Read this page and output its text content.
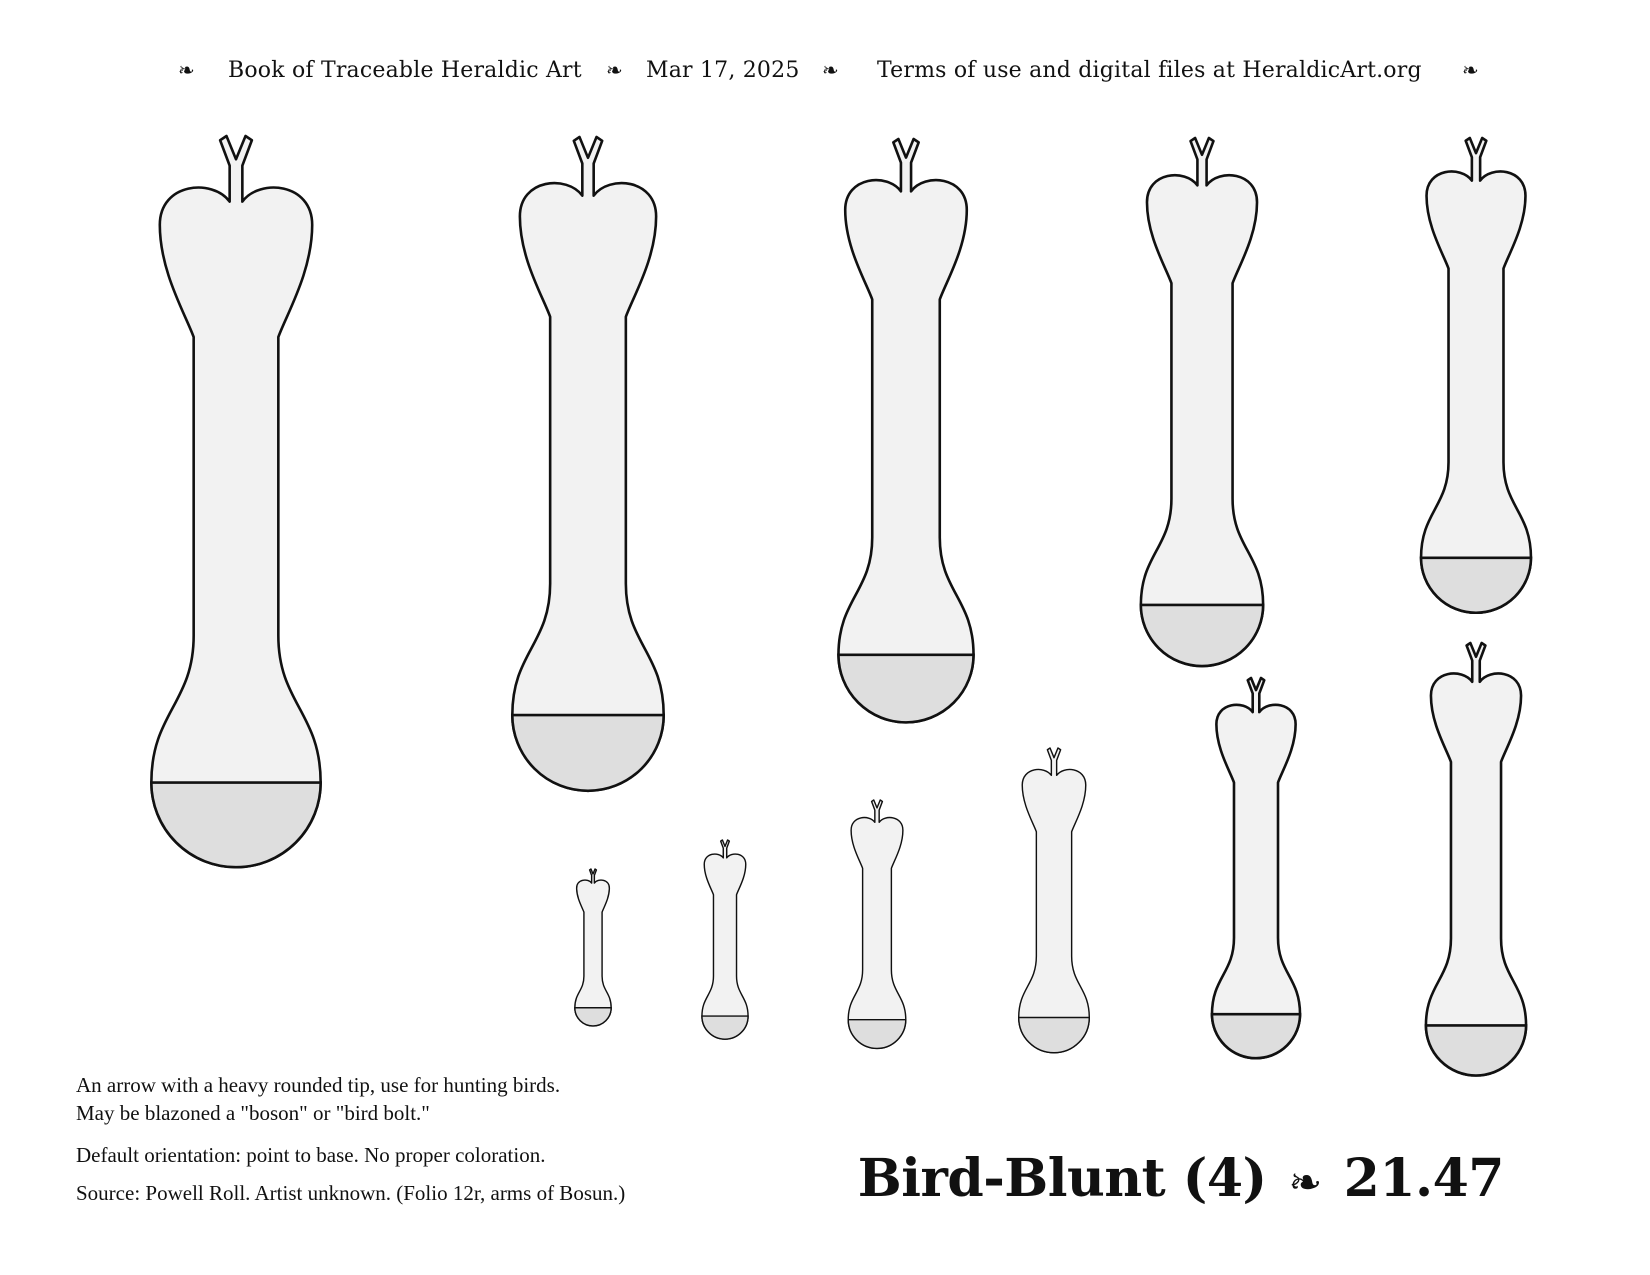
❧ Book of Traceable Heraldic Art ❧ Mar 17, 2025 ❧ Terms of use and digital files at HeraldicArt.org ❧
An arrow with a heavy rounded tip, use for hunting birds.
May be blazoned a "boson" or "bird bolt."
Default orientation: point to base. No proper coloration.
Source: Powell Roll. Artist unknown. (Folio 12r, arms of Bosun.)	Bird-Blunt (4) ❧ 21.47
